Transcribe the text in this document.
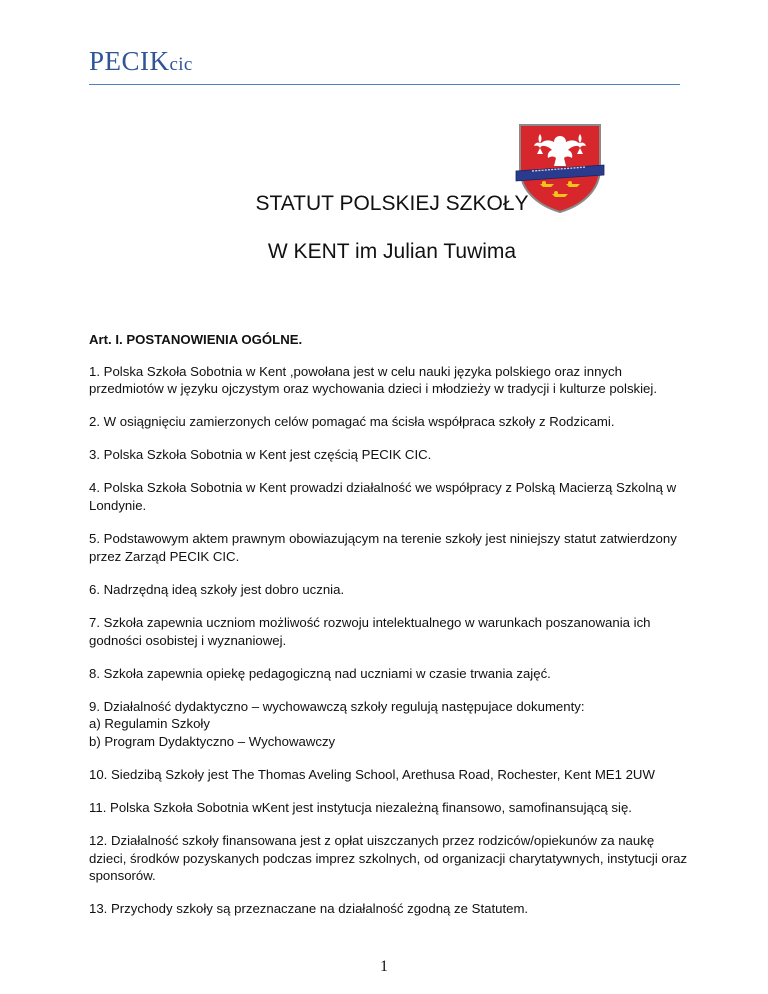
PECIKcic
STATUT POLSKIEJ SZKOŁY
W KENT im Julian Tuwima
Art. I. POSTANOWIENIA OGÓLNE.

1. Polska Szkoła Sobotnia w Kent ,powołana jest w celu nauki języka polskiego oraz innych przedmiotów w języku ojczystym oraz wychowania dzieci i młodzieży w tradycji i kulturze polskiej.

2. W osiągnięciu zamierzonych celów pomagać ma ścisła współpraca szkoły z Rodzicami.

3. Polska Szkoła Sobotnia w Kent jest częścią PECIK CIC.

4. Polska Szkoła Sobotnia w Kent prowadzi działalność we współpracy z Polską Macierzą Szkolną w Londynie.

5. Podstawowym aktem prawnym obowiazującym na terenie szkoły jest niniejszy statut zatwierdzony przez Zarząd PECIK CIC.

6. Nadrzędną ideą szkoły jest dobro ucznia.

7. Szkoła zapewnia uczniom możliwość rozwoju intelektualnego w warunkach poszanowania ich godności osobistej i wyznaniowej.

8. Szkoła zapewnia opiekę pedagogiczną nad uczniami w czasie trwania zajęć.

9. Działalność dydaktyczno – wychowawczą szkoły regulują następujace dokumenty:
a) Regulamin Szkoły
b) Program Dydaktyczno – Wychowawczy

10. Siedzibą Szkoły jest The Thomas Aveling School, Arethusa Road, Rochester, Kent ME1 2UW

11. Polska Szkoła Sobotnia wKent jest instytucja niezależną finansowo, samofinansującą się.

12. Działalność szkoły finansowana jest z opłat uiszczanych przez rodziców/opiekunów za naukę dzieci, środków pozyskanych podczas imprez szkolnych, od organizacji charytatywnych, instytucji oraz sponsorów.

13. Przychody szkoły są przeznaczane na działalność zgodną ze Statutem.

1
